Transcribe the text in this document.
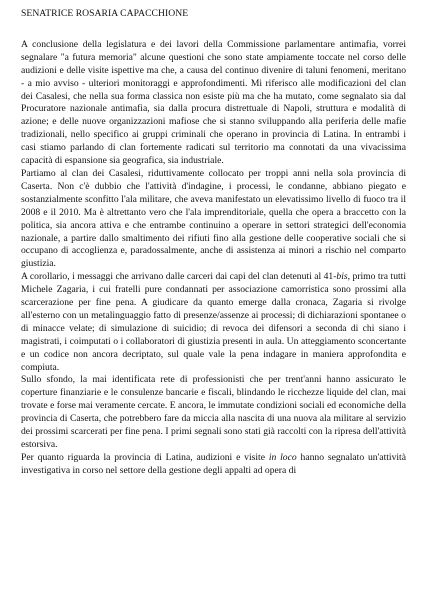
SENATRICE ROSARIA CAPACCHIONE

A conclusione della legislatura e dei lavori della Commissione parlamentare antimafia, vorrei segnalare "a futura memoria" alcune questioni che sono state ampiamente toccate nel corso delle audizioni e delle visite ispettive ma che, a causa del continuo divenire di taluni fenomeni, meritano - a mio avviso - ulteriori monitoraggi e approfondimenti. Mi riferisco alle modificazioni del clan dei Casalesi, che nella sua forma classica non esiste più ma che ha mutato, come segnalato sia dal Procuratore nazionale antimafia, sia dalla procura distrettuale di Napoli, struttura e modalità di azione; e delle nuove organizzazioni mafiose che si stanno sviluppando alla periferia delle mafie tradizionali, nello specifico ai gruppi criminali che operano in provincia di Latina. In entrambi i casi stiamo parlando di clan fortemente radicati sul territorio ma connotati da una vivacissima capacità di espansione sia geografica, sia industriale.

Partiamo al clan dei Casalesi, riduttivamente collocato per troppi anni nella sola provincia di Caserta. Non c'è dubbio che l'attività d'indagine, i processi, le condanne, abbiano piegato e sostanzialmente sconfitto l'ala militare, che aveva manifestato un elevatissimo livello di fuoco tra il 2008 e il 2010. Ma è altrettanto vero che l'ala imprenditoriale, quella che opera a braccetto con la politica, sia ancora attiva e che entrambe continuino a operare in settori strategici dell'economia nazionale, a partire dallo smaltimento dei rifiuti fino alla gestione delle cooperative sociali che si occupano di accoglienza e, paradossalmente, anche di assistenza ai minori a rischio nel comparto giustizia.

A corollario, i messaggi che arrivano dalle carceri dai capi del clan detenuti al 41-bis, primo tra tutti Michele Zagaria, i cui fratelli pure condannati per associazione camorristica sono prossimi alla scarcerazione per fine pena. A giudicare da quanto emerge dalla cronaca, Zagaria si rivolge all'esterno con un metalinguaggio fatto di presenze/assenze ai processi; di dichiarazioni spontanee o di minacce velate; di simulazione di suicidio; di revoca dei difensori a seconda di chi siano i magistrati, i coimputati o i collaboratori di giustizia presenti in aula. Un atteggiamento sconcertante e un codice non ancora decriptato, sul quale vale la pena indagare in maniera approfondita e compiuta.

Sullo sfondo, la mai identificata rete di professionisti che per trent'anni hanno assicurato le coperture finanziarie e le consulenze bancarie e fiscali, blindando le ricchezze liquide del clan, mai trovate e forse mai veramente cercate. E ancora, le immutate condizioni sociali ed economiche della provincia di Caserta, che potrebbero fare da miccia alla nascita di una nuova ala militare al servizio dei prossimi scarcerati per fine pena. I primi segnali sono stati già raccolti con la ripresa dell'attività estorsiva.

Per quanto riguarda la provincia di Latina, audizioni e visite in loco hanno segnalato un'attività investigativa in corso nel settore della gestione degli appalti ad opera di
